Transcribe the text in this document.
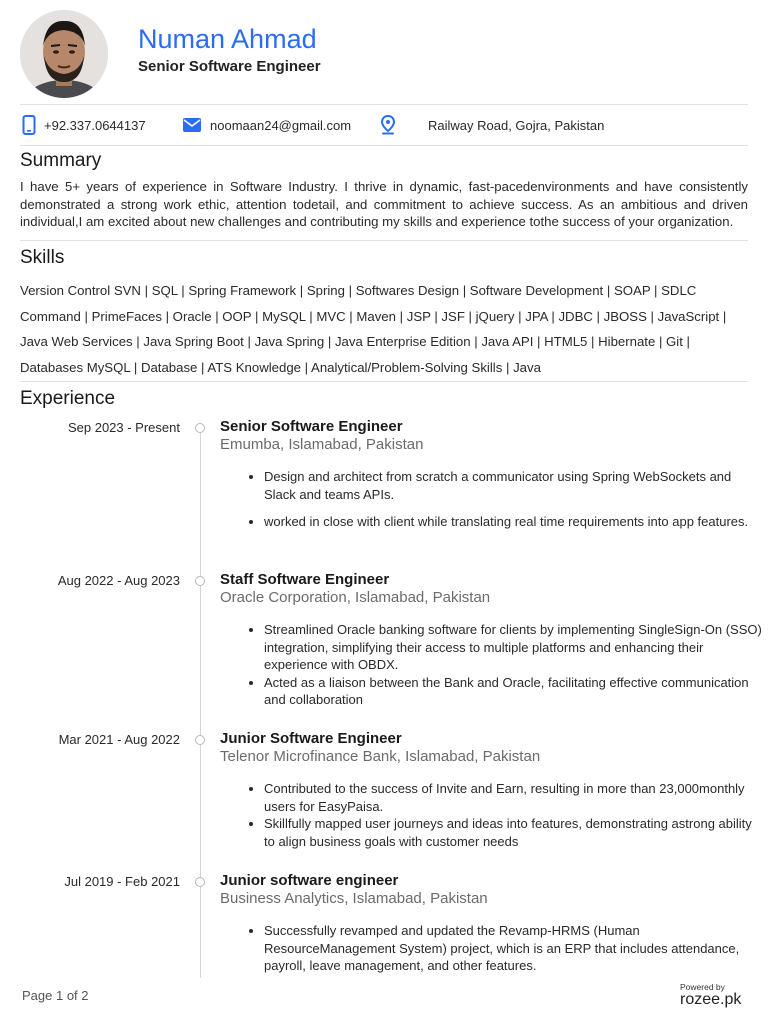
Numan Ahmad
Senior Software Engineer
+92.337.0644137	noomaan24@gmail.com	Railway Road, Gojra, Pakistan
Summary
I have 5+ years of experience in Software Industry. I thrive in dynamic, fast-pacedenvironments and have consistently demonstrated a strong work ethic, attention todetail, and commitment to achieve success. As an ambitious and driven individual,I am excited about new challenges and contributing my skills and experience tothe success of your organization.
Skills
Version Control SVN | SQL | Spring Framework | Spring | Softwares Design | Software Development | SOAP | SDLC Command | PrimeFaces | Oracle | OOP | MySQL | MVC | Maven | JSP | JSF | jQuery | JPA | JDBC | JBOSS | JavaScript | Java Web Services | Java Spring Boot | Java Spring | Java Enterprise Edition | Java API | HTML5 | Hibernate | Git | Databases MySQL | Database | ATS Knowledge | Analytical/Problem-Solving Skills | Java
Experience
Sep 2023 - Present	Senior Software Engineer
Emumba, Islamabad, Pakistan
• Design and architect from scratch a communicator using Spring WebSockets and Slack and teams APIs.
• worked in close with client while translating real time requirements into app features.
Aug 2022 - Aug 2023	Staff Software Engineer
Oracle Corporation, Islamabad, Pakistan
• Streamlined Oracle banking software for clients by implementing SingleSign-On (SSO) integration, simplifying their access to multiple platforms and enhancing their experience with OBDX.
• Acted as a liaison between the Bank and Oracle, facilitating effective communication and collaboration
Mar 2021 - Aug 2022	Junior Software Engineer
Telenor Microfinance Bank, Islamabad, Pakistan
• Contributed to the success of Invite and Earn, resulting in more than 23,000monthly users for EasyPaisa.
• Skillfully mapped user journeys and ideas into features, demonstrating astrong ability to align business goals with customer needs
Jul 2019 - Feb 2021	Junior software engineer
Business Analytics, Islamabad, Pakistan
• Successfully revamped and updated the Revamp-HRMS (Human ResourceManagement System) project, which is an ERP that includes attendance, payroll, leave management, and other features.
Page 1 of 2
Powered by
rozee.pk
